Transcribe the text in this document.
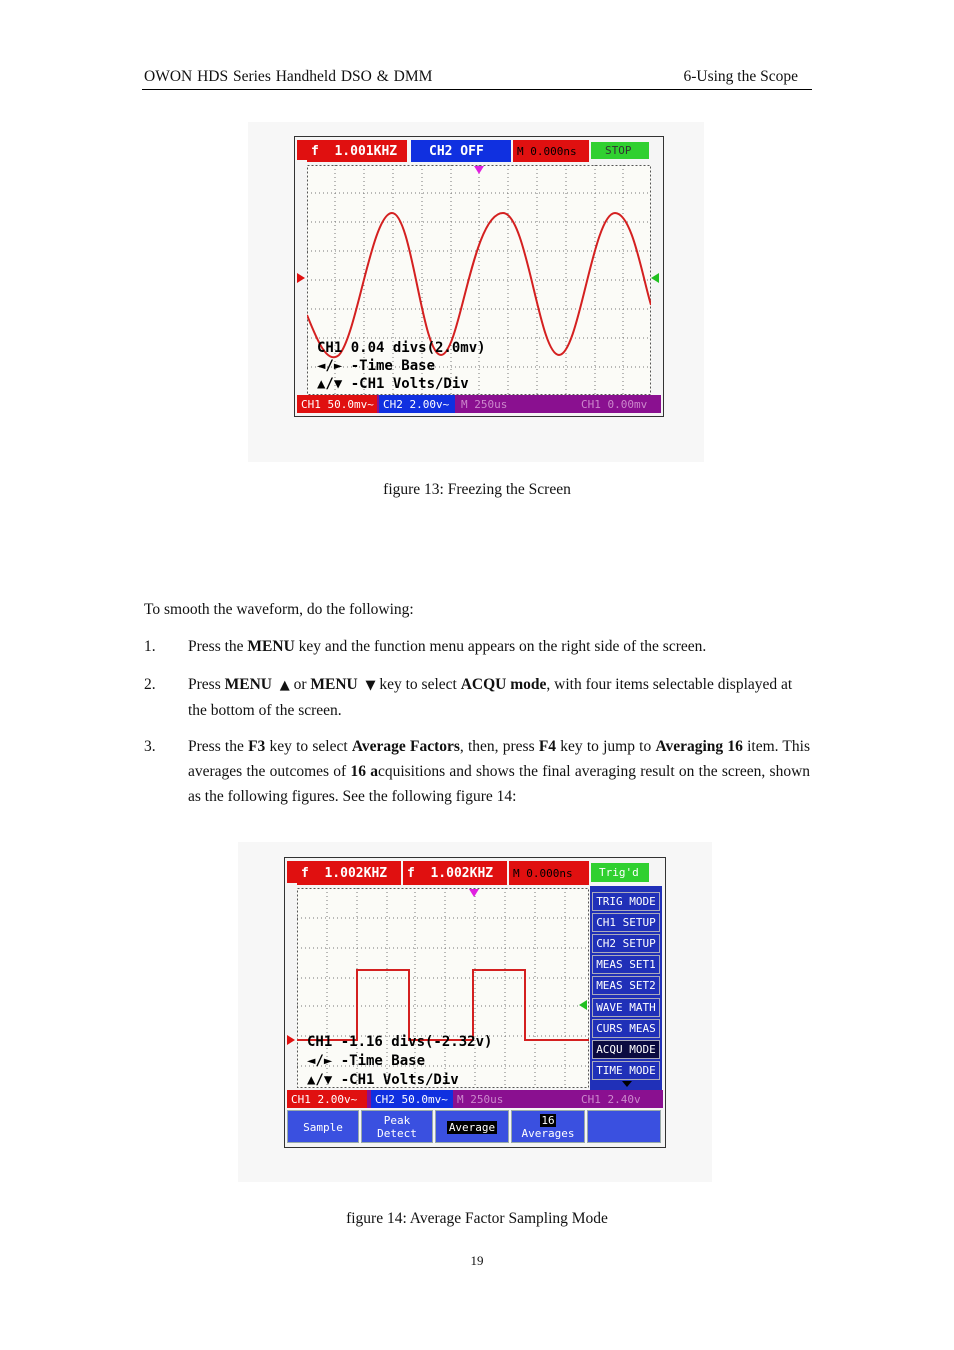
OWON HDS Series Handheld DSO & DMM	6-Using the Scope
f  1.001KHZ	CH2 OFF	M 0.000ns	STOP
CH1 0.04 divs(2.0mv)
◄/► -Time Base
▲/▼ -CH1 Volts/Div
CH1 50.0mv~ CH2 2.00v~	M 250us	CH1 0.00mv
figure 13: Freezing the Screen
To smooth the waveform, do the following:
1. Press the MENU key and the function menu appears on the right side of the screen.
2. Press MENU ▲ or MENU ▼ key to select ACQU mode, with four items selectable displayed at the bottom of the screen.
3. Press the F3 key to select Average Factors, then, press F4 key to jump to Averaging 16 item. This averages the outcomes of 16 acquisitions and shows the final averaging result on the screen, shown as the following figures. See the following figure 14:
f  1.002KHZ	f  1.002KHZ	M 0.000ns	Trig'd
CH1 -1.16 divs(-2.32v)
◄/► -Time Base
▲/▼ -CH1 Volts/Div
TRIG MODE
CH1 SETUP
CH2 SETUP
MEAS SET1
MEAS SET2
WAVE MATH
CURS MEAS
ACQU MODE
TIME MODE
CH1 2.00v~	CH2 50.0mv~ M 250us	CH1 2.40v
Sample
Peak
Detect	Average
16
Averages
figure 14: Average Factor Sampling Mode
19
